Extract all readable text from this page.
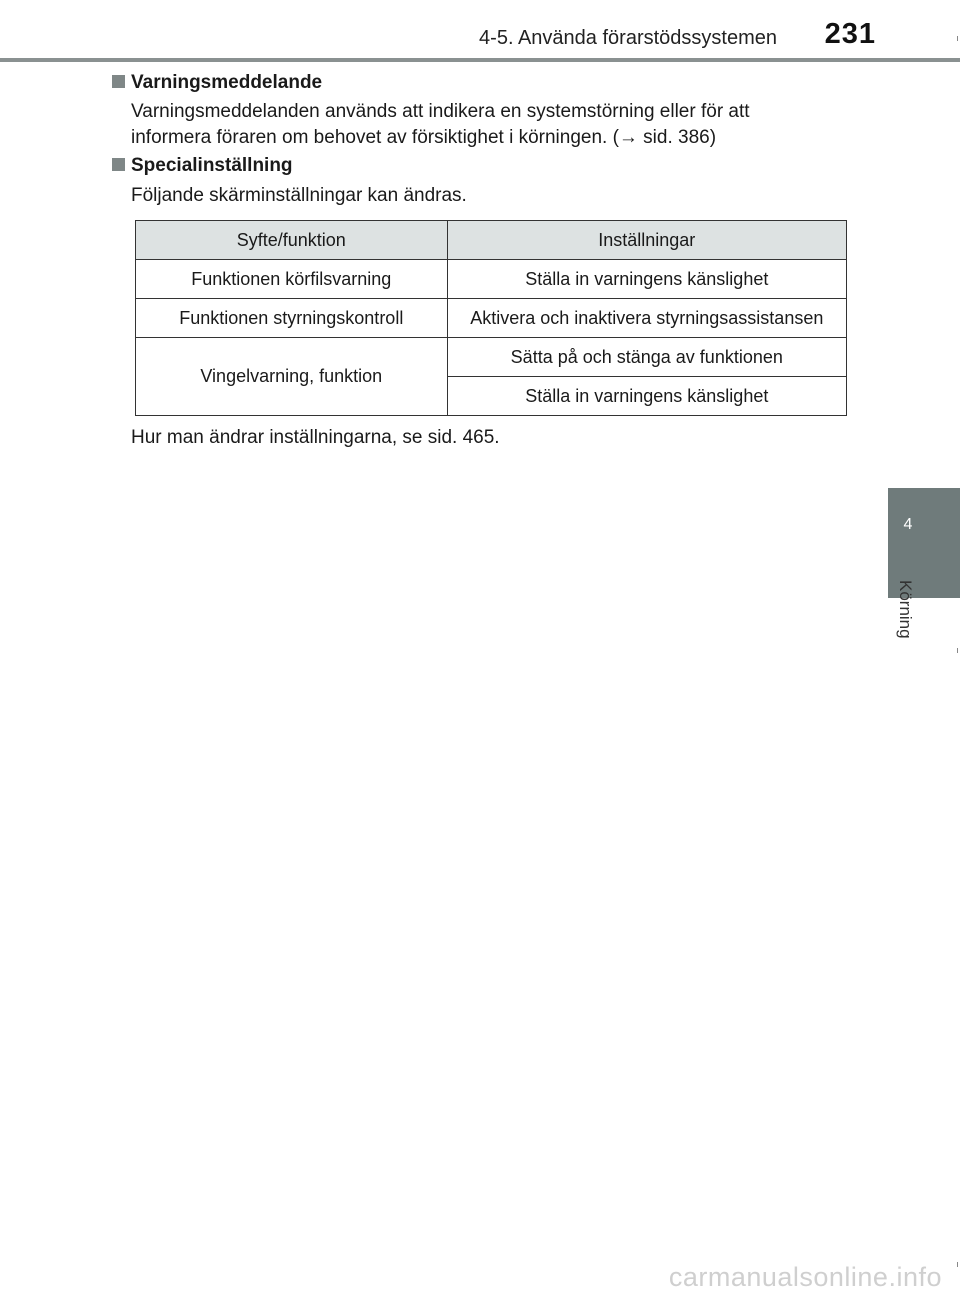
4-5. Använda förarstödssystemen 231
4
Körning
Varningsmeddelande
Varningsmeddelanden används att indikera en systemstörning eller för att
informera föraren om behovet av försiktighet i körningen. (→ sid. 386)
Specialinställning
Följande skärminställningar kan ändras.
Syfte/funktion	Inställningar
Funktionen körfilsvarning	Ställa in varningens känslighet
Funktionen styrningskontroll	Aktivera och inaktivera styrningsassistansen
Vingelvarning, funktion	Sätta på och stänga av funktionen
	Ställa in varningens känslighet
Hur man ändrar inställningarna, se sid. 465.
carmanualsonline.info
